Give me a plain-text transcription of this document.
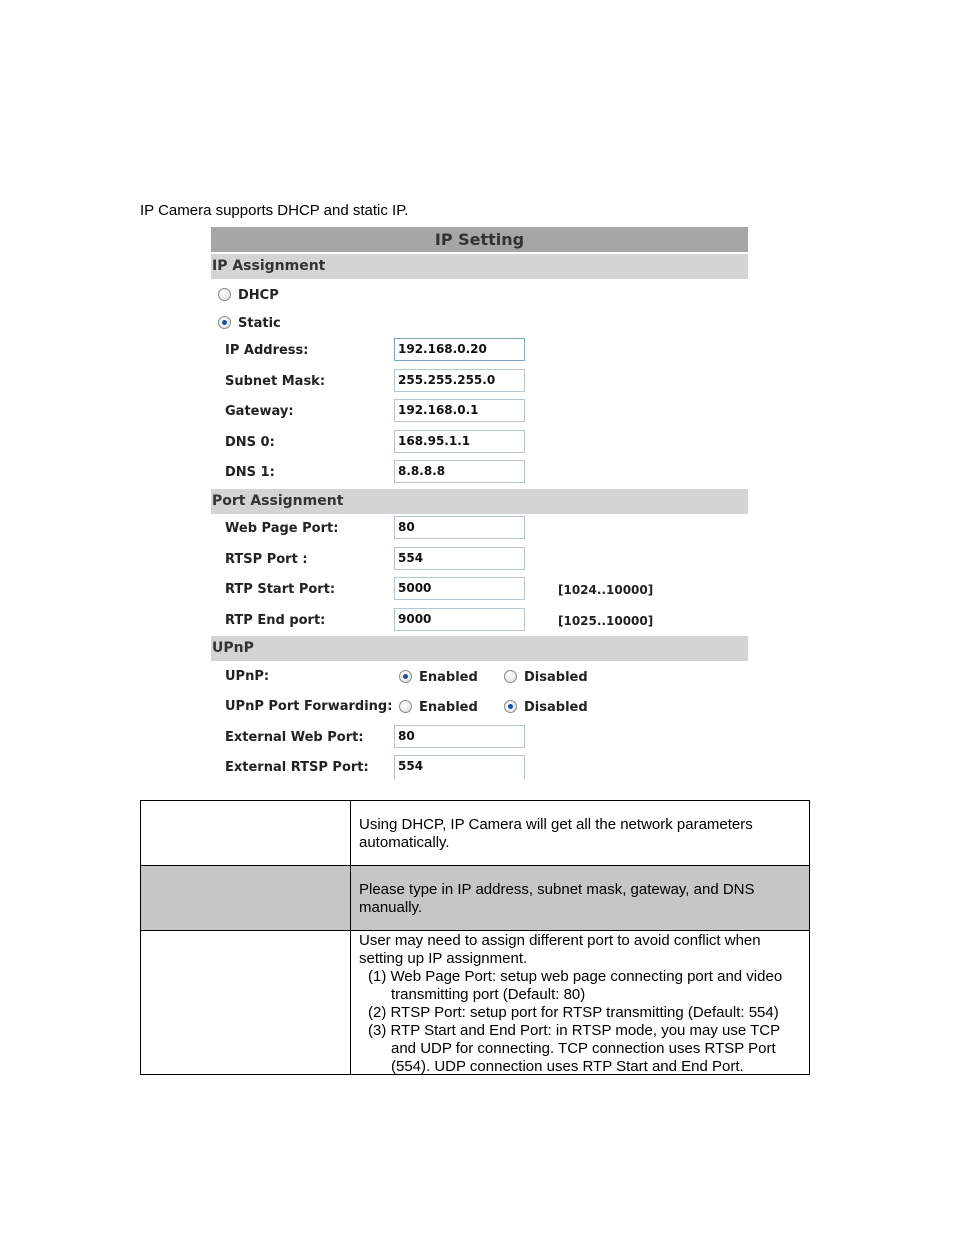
IP Camera supports DHCP and static IP.
IP Setting
IP Assignment
DHCP
Static
IP Address:	192.168.0.20
Subnet Mask:	255.255.255.0
Gateway:	192.168.0.1
DNS 0:	168.95.1.1
DNS 1:	8.8.8.8
Port Assignment
Web Page Port:	80
RTSP Port :	554
RTP Start Port:	5000	[1024..10000]
RTP End port:	9000	[1025..10000]
UPnP
UPnP:	Enabled	Disabled
UPnP Port Forwarding: Enabled	Disabled
External Web Port:	80
External RTSP Port:	554
Using DHCP, IP Camera will get all the network parameters automatically.
Please type in IP address, subnet mask, gateway, and DNS manually.
User may need to assign different port to avoid conflict when setting up IP assignment.
(1) Web Page Port: setup web page connecting port and video transmitting port (Default: 80)
(2) RTSP Port: setup port for RTSP transmitting (Default: 554)
(3) RTP Start and End Port: in RTSP mode, you may use TCP and UDP for connecting. TCP connection uses RTSP Port (554). UDP connection uses RTP Start and End Port.
